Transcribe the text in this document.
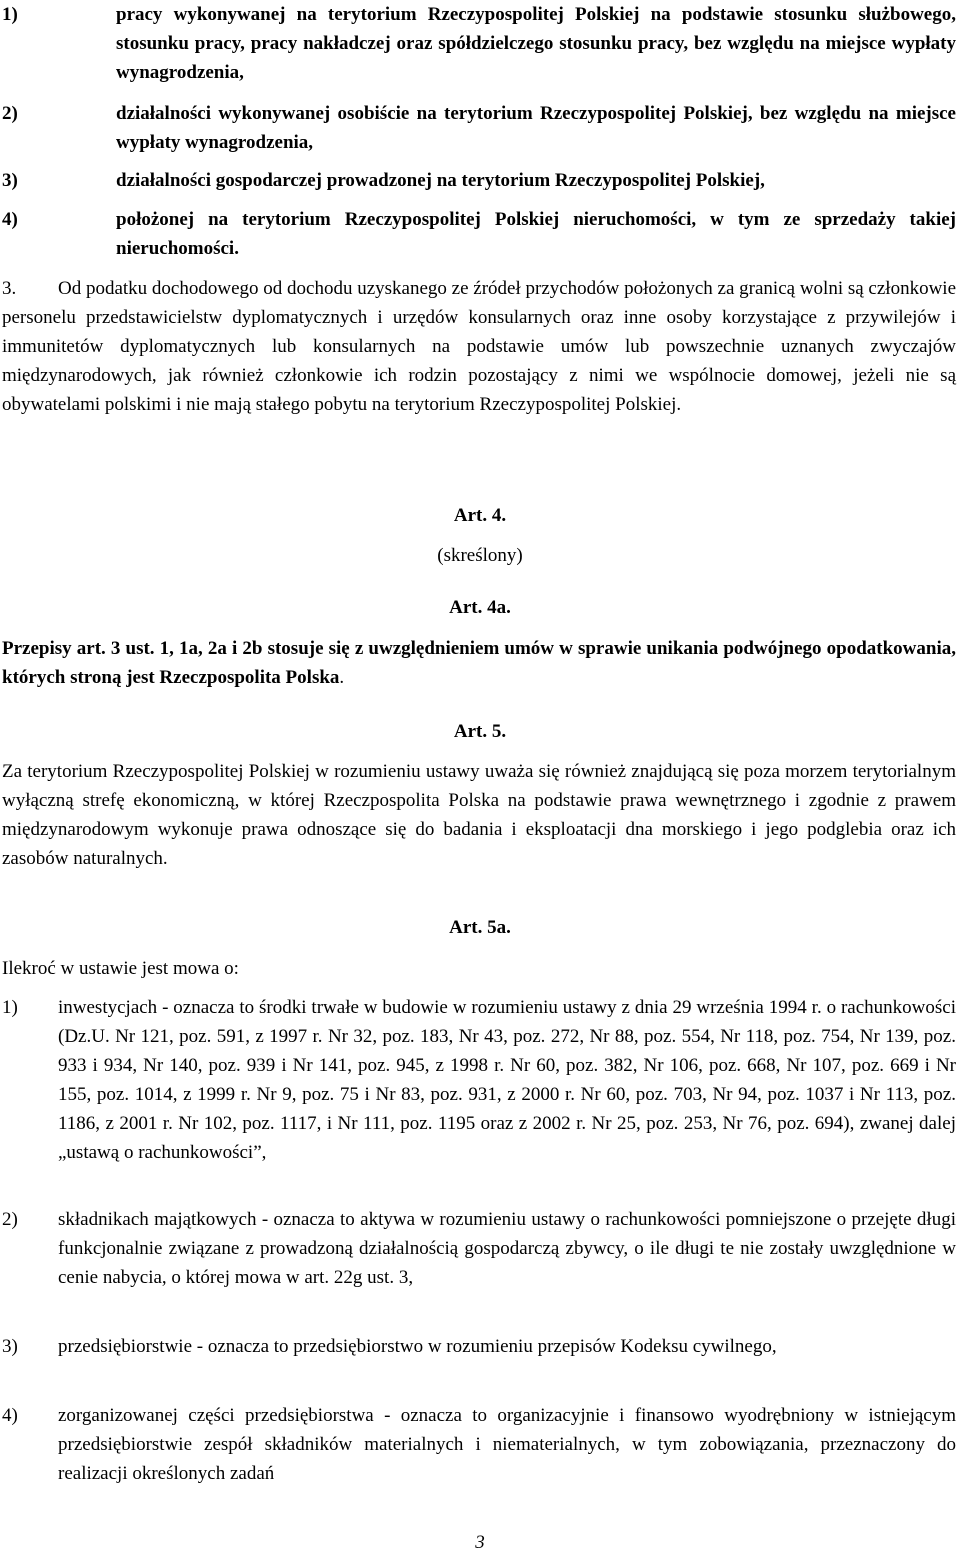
1)	pracy wykonywanej na terytorium Rzeczypospolitej Polskiej na podstawie stosunku służbowego, stosunku pracy, pracy nakładczej oraz spółdzielczego stosunku pracy, bez względu na miejsce wypłaty wynagrodzenia,
2)	działalności wykonywanej osobiście na terytorium Rzeczypospolitej Polskiej, bez względu na miejsce wypłaty wynagrodzenia,
3)	działalności gospodarczej prowadzonej na terytorium Rzeczypospolitej Polskiej,
4)	położonej na terytorium Rzeczypospolitej Polskiej nieruchomości, w tym ze sprzedaży takiej nieruchomości.
3. Od podatku dochodowego od dochodu uzyskanego ze źródeł przychodów położonych za granicą wolni są członkowie personelu przedstawicielstw dyplomatycznych i urzędów konsularnych oraz inne osoby korzystające z przywilejów i immunitetów dyplomatycznych lub konsularnych na podstawie umów lub powszechnie uznanych zwyczajów międzynarodowych, jak również członkowie ich rodzin pozostający z nimi we wspólnocie domowej, jeżeli nie są obywatelami polskimi i nie mają stałego pobytu na terytorium Rzeczypospolitej Polskiej.
Art. 4.
(skreślony)
Art. 4a.
Przepisy art. 3 ust. 1, 1a, 2a i 2b stosuje się z uwzględnieniem umów w sprawie unikania podwójnego opodatkowania, których stroną jest Rzeczpospolita Polska.
Art. 5.
Za terytorium Rzeczypospolitej Polskiej w rozumieniu ustawy uważa się również znajdującą się poza morzem terytorialnym wyłączną strefę ekonomiczną, w której Rzeczpospolita Polska na podstawie prawa wewnętrznego i zgodnie z prawem międzynarodowym wykonuje prawa odnoszące się do badania i eksploatacji dna morskiego i jego podglebia oraz ich zasobów naturalnych.
Art. 5a.
Ilekroć w ustawie jest mowa o:
1)	inwestycjach - oznacza to środki trwałe w budowie w rozumieniu ustawy z dnia 29 września 1994 r. o rachunkowości (Dz.U. Nr 121, poz. 591, z 1997 r. Nr 32, poz. 183, Nr 43, poz. 272, Nr 88, poz. 554, Nr 118, poz. 754, Nr 139, poz. 933 i 934, Nr 140, poz. 939 i Nr 141, poz. 945, z 1998 r. Nr 60, poz. 382, Nr 106, poz. 668, Nr 107, poz. 669 i Nr 155, poz. 1014, z 1999 r. Nr 9, poz. 75 i Nr 83, poz. 931, z 2000 r. Nr 60, poz. 703, Nr 94, poz. 1037 i Nr 113, poz. 1186, z 2001 r. Nr 102, poz. 1117, i Nr 111, poz. 1195 oraz z 2002 r. Nr 25, poz. 253, Nr 76, poz. 694), zwanej dalej „ustawą o rachunkowości”,
2)	składnikach majątkowych - oznacza to aktywa w rozumieniu ustawy o rachunkowości pomniejszone o przejęte długi funkcjonalnie związane z prowadzoną działalnością gospodarczą zbywcy, o ile długi te nie zostały uwzględnione w cenie nabycia, o której mowa w art. 22g ust. 3,
3)	przedsiębiorstwie - oznacza to przedsiębiorstwo w rozumieniu przepisów Kodeksu cywilnego,
4)	zorganizowanej części przedsiębiorstwa - oznacza to organizacyjnie i finansowo wyodrębniony w istniejącym przedsiębiorstwie zespół składników materialnych i niematerialnych, w tym zobowiązania, przeznaczony do realizacji określonych zadań
3
